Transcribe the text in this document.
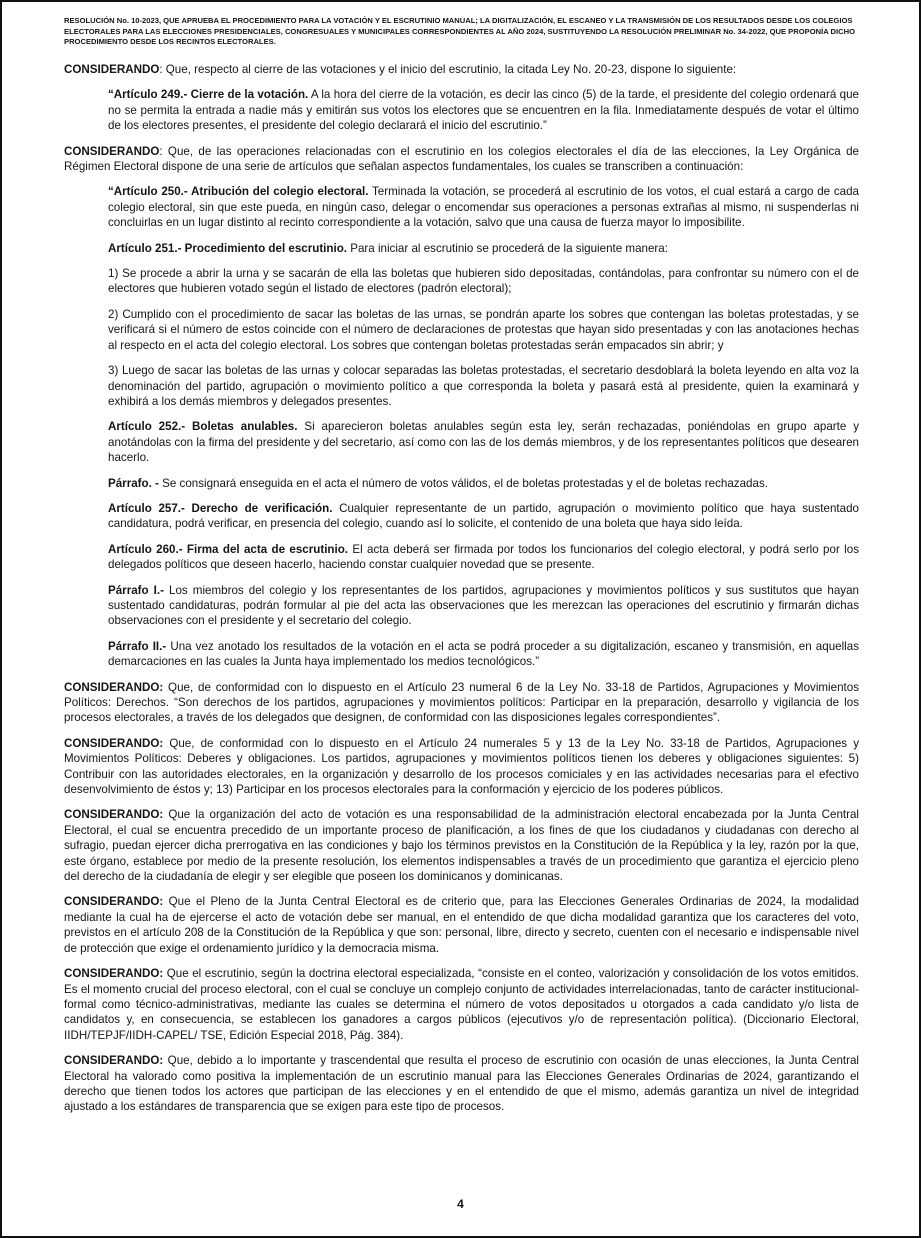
RESOLUCIÓN No. 10-2023, QUE APRUEBA EL PROCEDIMIENTO PARA LA VOTACIÓN Y EL ESCRUTINIO MANUAL; LA DIGITALIZACIÓN, EL ESCANEO Y LA TRANSMISIÓN DE LOS RESULTADOS DESDE LOS COLEGIOS ELECTORALES PARA LAS ELECCIONES PRESIDENCIALES, CONGRESUALES Y MUNICIPALES CORRESPONDIENTES AL AÑO 2024, SUSTITUYENDO LA RESOLUCIÓN PRELIMINAR No. 34-2022, QUE PROPONÍA DICHO PROCEDIMIENTO DESDE LOS RECINTOS ELECTORALES.

CONSIDERANDO: Que, respecto al cierre de las votaciones y el inicio del escrutinio, la citada Ley No. 20-23, dispone lo siguiente:

“Artículo 249.- Cierre de la votación. A la hora del cierre de la votación, es decir las cinco (5) de la tarde, el presidente del colegio ordenará que no se permita la entrada a nadie más y emitirán sus votos los electores que se encuentren en la fila. Inmediatamente después de votar el último de los electores presentes, el presidente del colegio declarará el inicio del escrutinio.”

CONSIDERANDO: Que, de las operaciones relacionadas con el escrutinio en los colegios electorales el día de las elecciones, la Ley Orgánica de Régimen Electoral dispone de una serie de artículos que señalan aspectos fundamentales, los cuales se transcriben a continuación:

“Artículo 250.- Atribución del colegio electoral. Terminada la votación, se procederá al escrutinio de los votos, el cual estará a cargo de cada colegio electoral, sin que este pueda, en ningún caso, delegar o encomendar sus operaciones a personas extrañas al mismo, ni suspenderlas ni concluirlas en un lugar distinto al recinto correspondiente a la votación, salvo que una causa de fuerza mayor lo imposibilite.

Artículo 251.- Procedimiento del escrutinio. Para iniciar al escrutinio se procederá de la siguiente manera:

1) Se procede a abrir la urna y se sacarán de ella las boletas que hubieren sido depositadas, contándolas, para confrontar su número con el de electores que hubieren votado según el listado de electores (padrón electoral);

2) Cumplido con el procedimiento de sacar las boletas de las urnas, se pondrán aparte los sobres que contengan las boletas protestadas, y se verificará si el número de estos coincide con el número de declaraciones de protestas que hayan sido presentadas y con las anotaciones hechas al respecto en el acta del colegio electoral. Los sobres que contengan boletas protestadas serán empacados sin abrir; y

3) Luego de sacar las boletas de las urnas y colocar separadas las boletas protestadas, el secretario desdoblará la boleta leyendo en alta voz la denominación del partido, agrupación o movimiento político a que corresponda la boleta y pasará está al presidente, quien la examinará y exhibirá a los demás miembros y delegados presentes.

Artículo 252.- Boletas anulables. Si aparecieron boletas anulables según esta ley, serán rechazadas, poniéndolas en grupo aparte y anotándolas con la firma del presidente y del secretario, así como con las de los demás miembros, y de los representantes políticos que desearen hacerlo.

Párrafo. - Se consignará enseguida en el acta el número de votos válidos, el de boletas protestadas y el de boletas rechazadas.

Artículo 257.- Derecho de verificación. Cualquier representante de un partido, agrupación o movimiento político que haya sustentado candidatura, podrá verificar, en presencia del colegio, cuando así lo solicite, el contenido de una boleta que haya sido leída.

Artículo 260.- Firma del acta de escrutinio. El acta deberá ser firmada por todos los funcionarios del colegio electoral, y podrá serlo por los delegados políticos que deseen hacerlo, haciendo constar cualquier novedad que se presente.

Párrafo I.- Los miembros del colegio y los representantes de los partidos, agrupaciones y movimientos políticos y sus sustitutos que hayan sustentado candidaturas, podrán formular al pie del acta las observaciones que les merezcan las operaciones del escrutinio y firmarán dichas observaciones con el presidente y el secretario del colegio.

Párrafo II.- Una vez anotado los resultados de la votación en el acta se podrá proceder a su digitalización, escaneo y transmisión, en aquellas demarcaciones en las cuales la Junta haya implementado los medios tecnológicos.”

CONSIDERANDO: Que, de conformidad con lo dispuesto en el Artículo 23 numeral 6 de la Ley No. 33-18 de Partidos, Agrupaciones y Movimientos Políticos: Derechos. “Son derechos de los partidos, agrupaciones y movimientos políticos: Participar en la preparación, desarrollo y vigilancia de los procesos electorales, a través de los delegados que designen, de conformidad con las disposiciones legales correspondientes”.

CONSIDERANDO: Que, de conformidad con lo dispuesto en el Artículo 24 numerales 5 y 13 de la Ley No. 33-18 de Partidos, Agrupaciones y Movimientos Políticos: Deberes y obligaciones. Los partidos, agrupaciones y movimientos políticos tienen los deberes y obligaciones siguientes: 5) Contribuir con las autoridades electorales, en la organización y desarrollo de los procesos comiciales y en las actividades necesarias para el efectivo desenvolvimiento de éstos y; 13) Participar en los procesos electorales para la conformación y ejercicio de los poderes públicos.

CONSIDERANDO: Que la organización del acto de votación es una responsabilidad de la administración electoral encabezada por la Junta Central Electoral, el cual se encuentra precedido de un importante proceso de planificación, a los fines de que los ciudadanos y ciudadanas con derecho al sufragio, puedan ejercer dicha prerrogativa en las condiciones y bajo los términos previstos en la Constitución de la República y la ley, razón por la que, este órgano, establece por medio de la presente resolución, los elementos indispensables a través de un procedimiento que garantiza el ejercicio pleno del derecho de la ciudadanía de elegir y ser elegible que poseen los dominicanos y dominicanas.

CONSIDERANDO: Que el Pleno de la Junta Central Electoral es de criterio que, para las Elecciones Generales Ordinarias de 2024, la modalidad mediante la cual ha de ejercerse el acto de votación debe ser manual, en el entendido de que dicha modalidad garantiza que los caracteres del voto, previstos en el artículo 208 de la Constitución de la República y que son: personal, libre, directo y secreto, cuenten con el necesario e indispensable nivel de protección que exige el ordenamiento jurídico y la democracia misma.

CONSIDERANDO: Que el escrutinio, según la doctrina electoral especializada, “consiste en el conteo, valorización y consolidación de los votos emitidos. Es el momento crucial del proceso electoral, con el cual se concluye un complejo conjunto de actividades interrelacionadas, tanto de carácter institucional-formal como técnico-administrativas, mediante las cuales se determina el número de votos depositados u otorgados a cada candidato y/o lista de candidatos y, en consecuencia, se establecen los ganadores a cargos públicos (ejecutivos y/o de representación política). (Diccionario Electoral, IIDH/TEPJF/IIDH-CAPEL/ TSE, Edición Especial 2018, Pág. 384).

CONSIDERANDO: Que, debido a lo importante y trascendental que resulta el proceso de escrutinio con ocasión de unas elecciones, la Junta Central Electoral ha valorado como positiva la implementación de un escrutinio manual para las Elecciones Generales Ordinarias de 2024, garantizando el derecho que tienen todos los actores que participan de las elecciones y en el entendido de que el mismo, además garantiza un nivel de integridad ajustado a los estándares de transparencia que se exigen para este tipo de procesos.

4
